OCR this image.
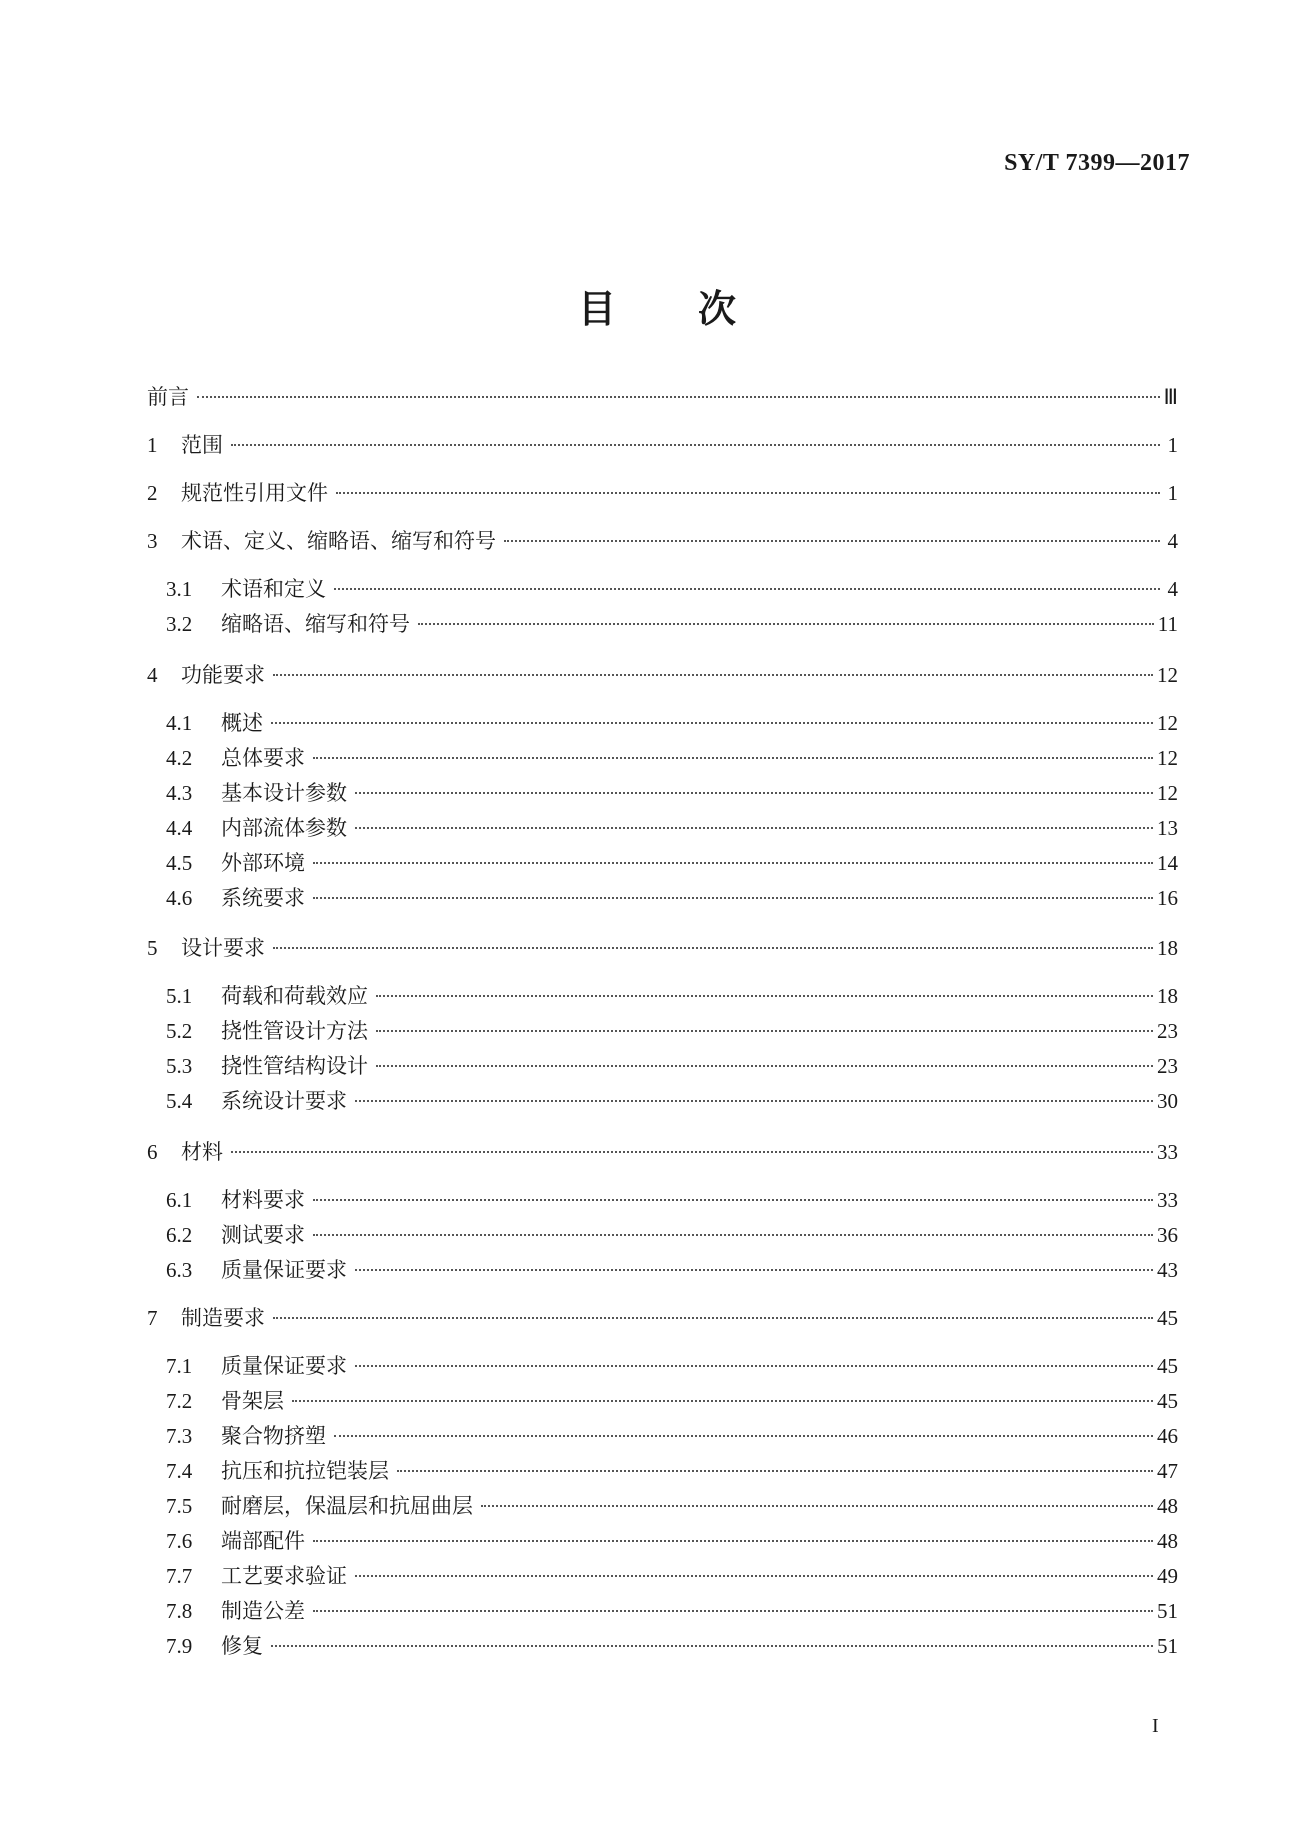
SY/T 7399—2017
目 次
前言	Ⅲ
1	范围	1
2	规范性引用文件	1
3	术语、定义、缩略语、缩写和符号	4
3.1	术语和定义	4
3.2	缩略语、缩写和符号	11
4	功能要求	12
4.1	概述	12
4.2	总体要求	12
4.3	基本设计参数	12
4.4	内部流体参数	13
4.5	外部环境	14
4.6	系统要求	16
5	设计要求	18
5.1	荷载和荷载效应	18
5.2	挠性管设计方法	23
5.3	挠性管结构设计	23
5.4	系统设计要求	30
6	材料	33
6.1	材料要求	33
6.2	测试要求	36
6.3	质量保证要求	43
7	制造要求	45
7.1	质量保证要求	45
7.2	骨架层	45
7.3	聚合物挤塑	46
7.4	抗压和抗拉铠装层	47
7.5	耐磨层，保温层和抗屈曲层	48
7.6	端部配件	48
7.7	工艺要求验证	49
7.8	制造公差	51
7.9	修复	51
I
